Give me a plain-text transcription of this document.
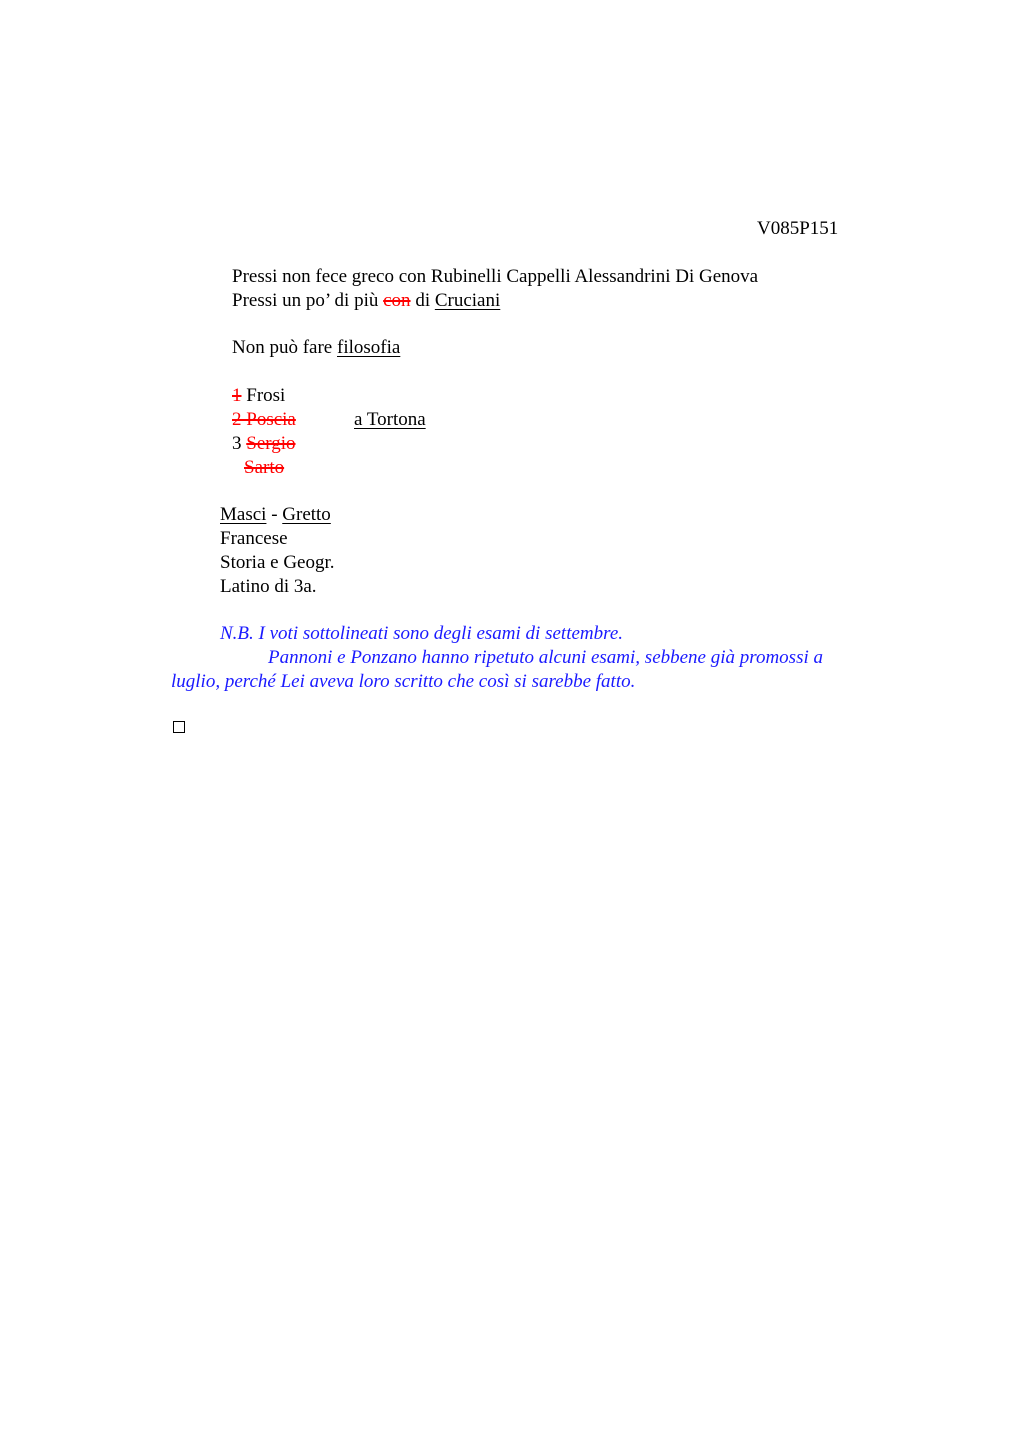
V085P151
Pressi non fece greco con Rubinelli Cappelli Alessandrini Di Genova
Pressi un po’ di più con di Cruciani
Non può fare filosofia
1 Frosi
2 Poscia	a Tortona
3 Sergio
Sarto
Masci - Gretto
Francese
Storia e Geogr.
Latino di 3a.
N.B. I voti sottolineati sono degli esami di settembre.
Pannoni e Ponzano hanno ripetuto alcuni esami, sebbene già promossi a
luglio, perché Lei aveva loro scritto che così si sarebbe fatto.
